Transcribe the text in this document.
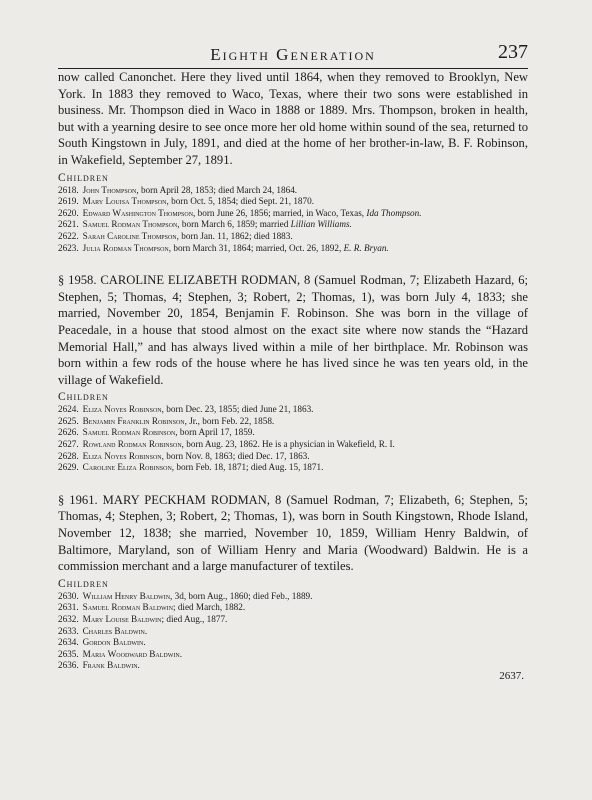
Eighth Generation	237

now called Canonchet. Here they lived until 1864, when they removed to Brooklyn, New York. In 1883 they removed to Waco, Texas, where their two sons were established in business. Mr. Thompson died in Waco in 1888 or 1889. Mrs. Thompson, broken in health, but with a yearning desire to see once more her old home within sound of the sea, returned to South Kingstown in July, 1891, and died at the home of her brother-in-law, B. F. Robinson, in Wakefield, September 27, 1891.

Children
2618. John Thompson, born April 28, 1853; died March 24, 1864.
2619. Mary Louisa Thompson, born Oct. 5, 1854; died Sept. 21, 1870.
2620. Edward Washington Thompson, born June 26, 1856; married, in Waco, Texas, Ida Thompson.
2621. Samuel Rodman Thompson, born March 6, 1859; married Lillian Williams.
2622. Sarah Caroline Thompson, born Jan. 11, 1862; died 1883.
2623. Julia Rodman Thompson, born March 31, 1864; married, Oct. 26, 1892, E. R. Bryan.

§ 1958. CAROLINE ELIZABETH RODMAN, 8 (Samuel Rodman, 7; Elizabeth Hazard, 6; Stephen, 5; Thomas, 4; Stephen, 3; Robert, 2; Thomas, 1), was born July 4, 1833; she married, November 20, 1854, Benjamin F. Robinson. She was born in the village of Peacedale, in a house that stood almost on the exact site where now stands the “Hazard Memorial Hall,” and has always lived within a mile of her birthplace. Mr. Robinson was born within a few rods of the house where he has lived since he was ten years old, in the village of Wakefield.

Children
2624. Eliza Noyes Robinson, born Dec. 23, 1855; died June 21, 1863.
2625. Benjamin Franklin Robinson, Jr., born Feb. 22, 1858.
2626. Samuel Rodman Robinson, born April 17, 1859.
2627. Rowland Rodman Robinson, born Aug. 23, 1862. He is a physician in Wakefield, R. I.
2628. Eliza Noyes Robinson, born Nov. 8, 1863; died Dec. 17, 1863.
2629. Caroline Eliza Robinson, born Feb. 18, 1871; died Aug. 15, 1871.

§ 1961. MARY PECKHAM RODMAN, 8 (Samuel Rodman, 7; Elizabeth, 6; Stephen, 5; Thomas, 4; Stephen, 3; Robert, 2; Thomas, 1), was born in South Kingstown, Rhode Island, November 12, 1838; she married, November 10, 1859, William Henry Baldwin, of Baltimore, Maryland, son of William Henry and Maria (Woodward) Baldwin. He is a commission merchant and a large manufacturer of textiles.

Children
2630. William Henry Baldwin, 3d, born Aug., 1860; died Feb., 1889.
2631. Samuel Rodman Baldwin; died March, 1882.
2632. Mary Louise Baldwin; died Aug., 1877.
2633. Charles Baldwin.
2634. Gordon Baldwin.
2635. Maria Woodward Baldwin.
2636. Frank Baldwin.
2637.
